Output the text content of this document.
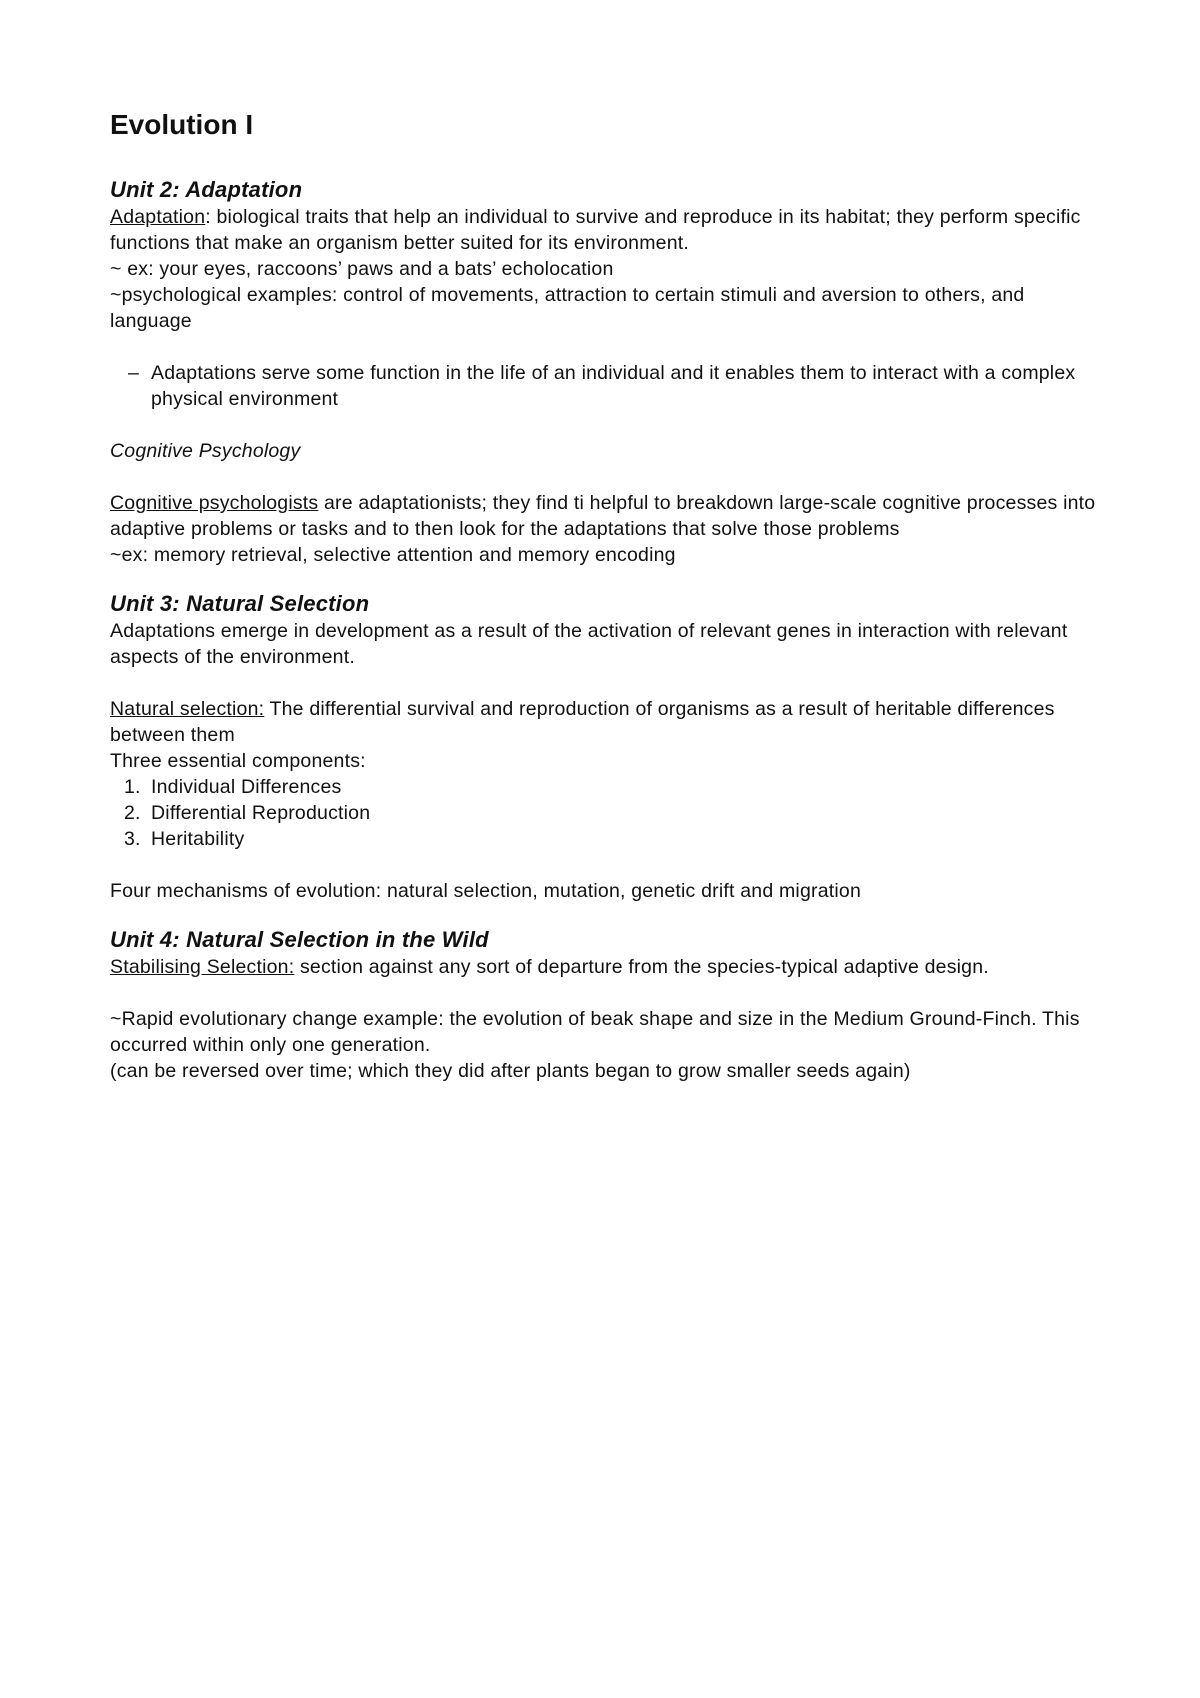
Evolution I
Unit 2: Adaptation

Adaptation: biological traits that help an individual to survive and reproduce in its habitat; they perform specific functions that make an organism better suited for its environment.

~ ex: your eyes, raccoons’ paws and a bats’ echolocation

~psychological examples: control of movements, attraction to certain stimuli and aversion to others, and language

– Adaptations serve some function in the life of an individual and it enables them to interact with a complex physical environment

Cognitive Psychology

Cognitive psychologists are adaptationists; they find ti helpful to breakdown large-scale cognitive processes into adaptive problems or tasks and to then look for the adaptations that solve those problems

~ex: memory retrieval, selective attention and memory encoding

Unit 3: Natural Selection

Adaptations emerge in development as a result of the activation of relevant genes in interaction with relevant aspects of the environment.

Natural selection: The differential survival and reproduction of organisms as a result of heritable differences between them

Three essential components:

1. Individual Differences
2. Differential Reproduction
3. Heritability

Four mechanisms of evolution: natural selection, mutation, genetic drift and migration

Unit 4: Natural Selection in the Wild

Stabilising Selection: section against any sort of departure from the species-typical adaptive design.

~Rapid evolutionary change example: the evolution of beak shape and size in the Medium Ground-Finch. This occurred within only one generation.

(can be reversed over time; which they did after plants began to grow smaller seeds again)
